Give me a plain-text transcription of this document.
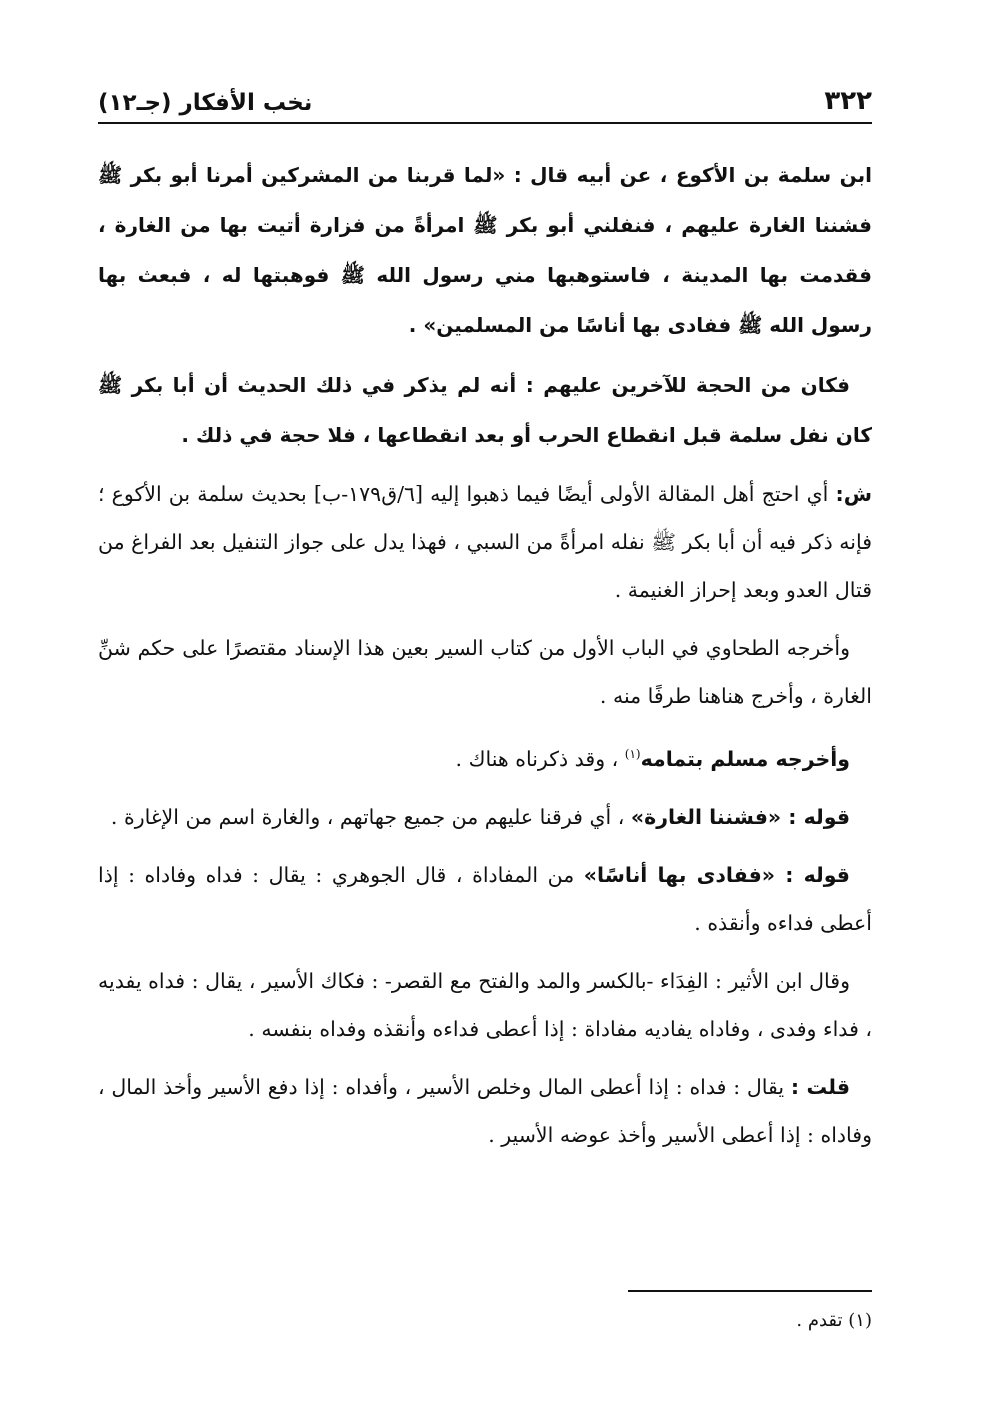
٣٢٢
نخب الأفكار (جـ١٢)

ابن سلمة بن الأكوع ، عن أبيه قال : «لما قربنا من المشركين أمرنا أبو بكر ﷺ فشننا الغارة عليهم ، فنفلني أبو بكر ﷺ امرأةً من فزارة أتيت بها من الغارة ، فقدمت بها المدينة ، فاستوهبها مني رسول الله ﷺ فوهبتها له ، فبعث بها رسول الله ﷺ ففادى بها أناسًا من المسلمين» .

فكان من الحجة للآخرين عليهم : أنه لم يذكر في ذلك الحديث أن أبا بكر ﷺ كان نفل سلمة قبل انقطاع الحرب أو بعد انقطاعها ، فلا حجة في ذلك .

ش: أي احتج أهل المقالة الأولى أيضًا فيما ذهبوا إليه [٦/ق١٧٩-ب] بحديث سلمة بن الأكوع ؛ فإنه ذكر فيه أن أبا بكر ﷺ نفله امرأةً من السبي ، فهذا يدل على جواز التنفيل بعد الفراغ من قتال العدو وبعد إحراز الغنيمة .

وأخرجه الطحاوي في الباب الأول من كتاب السير بعين هذا الإسناد مقتصرًا على حكم شنِّ الغارة ، وأخرج هناهنا طرفًا منه .

وأخرجه مسلم بتمامه$^{(١)}$ ، وقد ذكرناه هناك .

قوله : «فشننا الغارة» ، أي فرقنا عليهم من جميع جهاتهم ، والغارة اسم من الإغارة .

قوله : «ففادى بها أناسًا» من المفاداة ، قال الجوهري : يقال : فداه وفاداه : إذا أعطى فداءه وأنقذه .

وقال ابن الأثير : الفِدَاء -بالكسر والمد والفتح مع القصر- : فكاك الأسير ، يقال : فداه يفديه ، فداء وفدى ، وفاداه يفاديه مفاداة : إذا أعطى فداءه وأنقذه وفداه بنفسه .

قلت : يقال : فداه : إذا أعطى المال وخلص الأسير ، وأفداه : إذا دفع الأسير وأخذ المال ، وفاداه : إذا أعطى الأسير وأخذ عوضه الأسير .

(١) تقدم .
